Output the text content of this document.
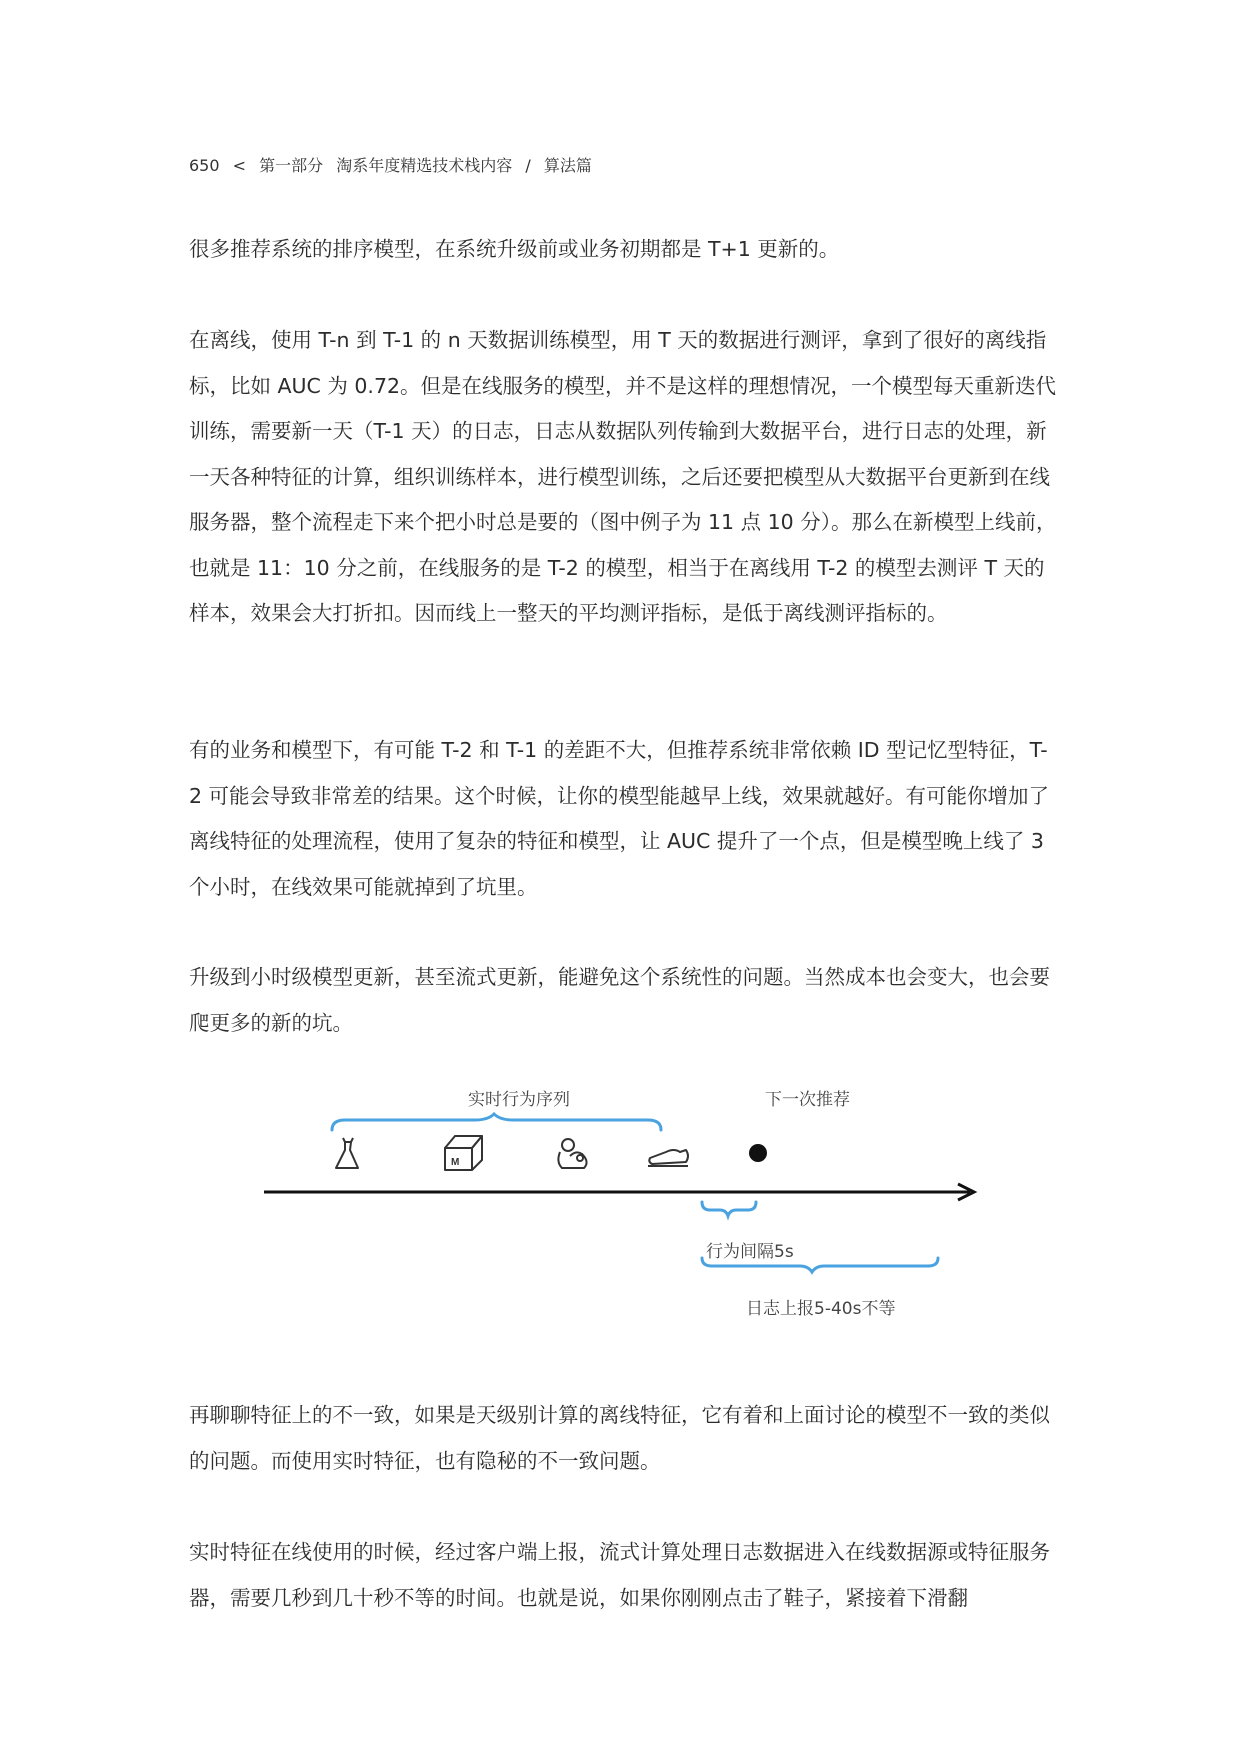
650 < 第一部分 淘系年度精选技术栈内容 / 算法篇

很多推荐系统的排序模型，在系统升级前或业务初期都是 T+1 更新的。

在离线，使用 T-n 到 T-1 的 n 天数据训练模型，用 T 天的数据进行测评，拿到了很好的离线指标，比如 AUC 为 0.72。但是在线服务的模型，并不是这样的理想情况，一个模型每天重新迭代训练，需要新一天（T-1 天）的日志，日志从数据队列传输到大数据平台，进行日志的处理，新一天各种特征的计算，组织训练样本，进行模型训练，之后还要把模型从大数据平台更新到在线服务器，整个流程走下来个把小时总是要的（图中例子为 11 点 10 分）。那么在新模型上线前，也就是 11：10 分之前，在线服务的是 T-2 的模型，相当于在离线用 T-2 的模型去测评 T 天的样本，效果会大打折扣。因而线上一整天的平均测评指标，是低于离线测评指标的。

有的业务和模型下，有可能 T-2 和 T-1 的差距不大，但推荐系统非常依赖 ID 型记忆型特征，T-2 可能会导致非常差的结果。这个时候，让你的模型能越早上线，效果就越好。有可能你增加了离线特征的处理流程，使用了复杂的特征和模型，让 AUC 提升了一个点，但是模型晚上线了 3 个小时，在线效果可能就掉到了坑里。

升级到小时级模型更新，甚至流式更新，能避免这个系统性的问题。当然成本也会变大，也会要爬更多的新的坑。

M
实时行为序列	下一次推荐
行为间隔5s
日志上报5-40s不等

再聊聊特征上的不一致，如果是天级别计算的离线特征，它有着和上面讨论的模型不一致的类似的问题。而使用实时特征，也有隐秘的不一致问题。

实时特征在线使用的时候，经过客户端上报，流式计算处理日志数据进入在线数据源或特征服务器，需要几秒到几十秒不等的时间。也就是说，如果你刚刚点击了鞋子，紧接着下滑翻
